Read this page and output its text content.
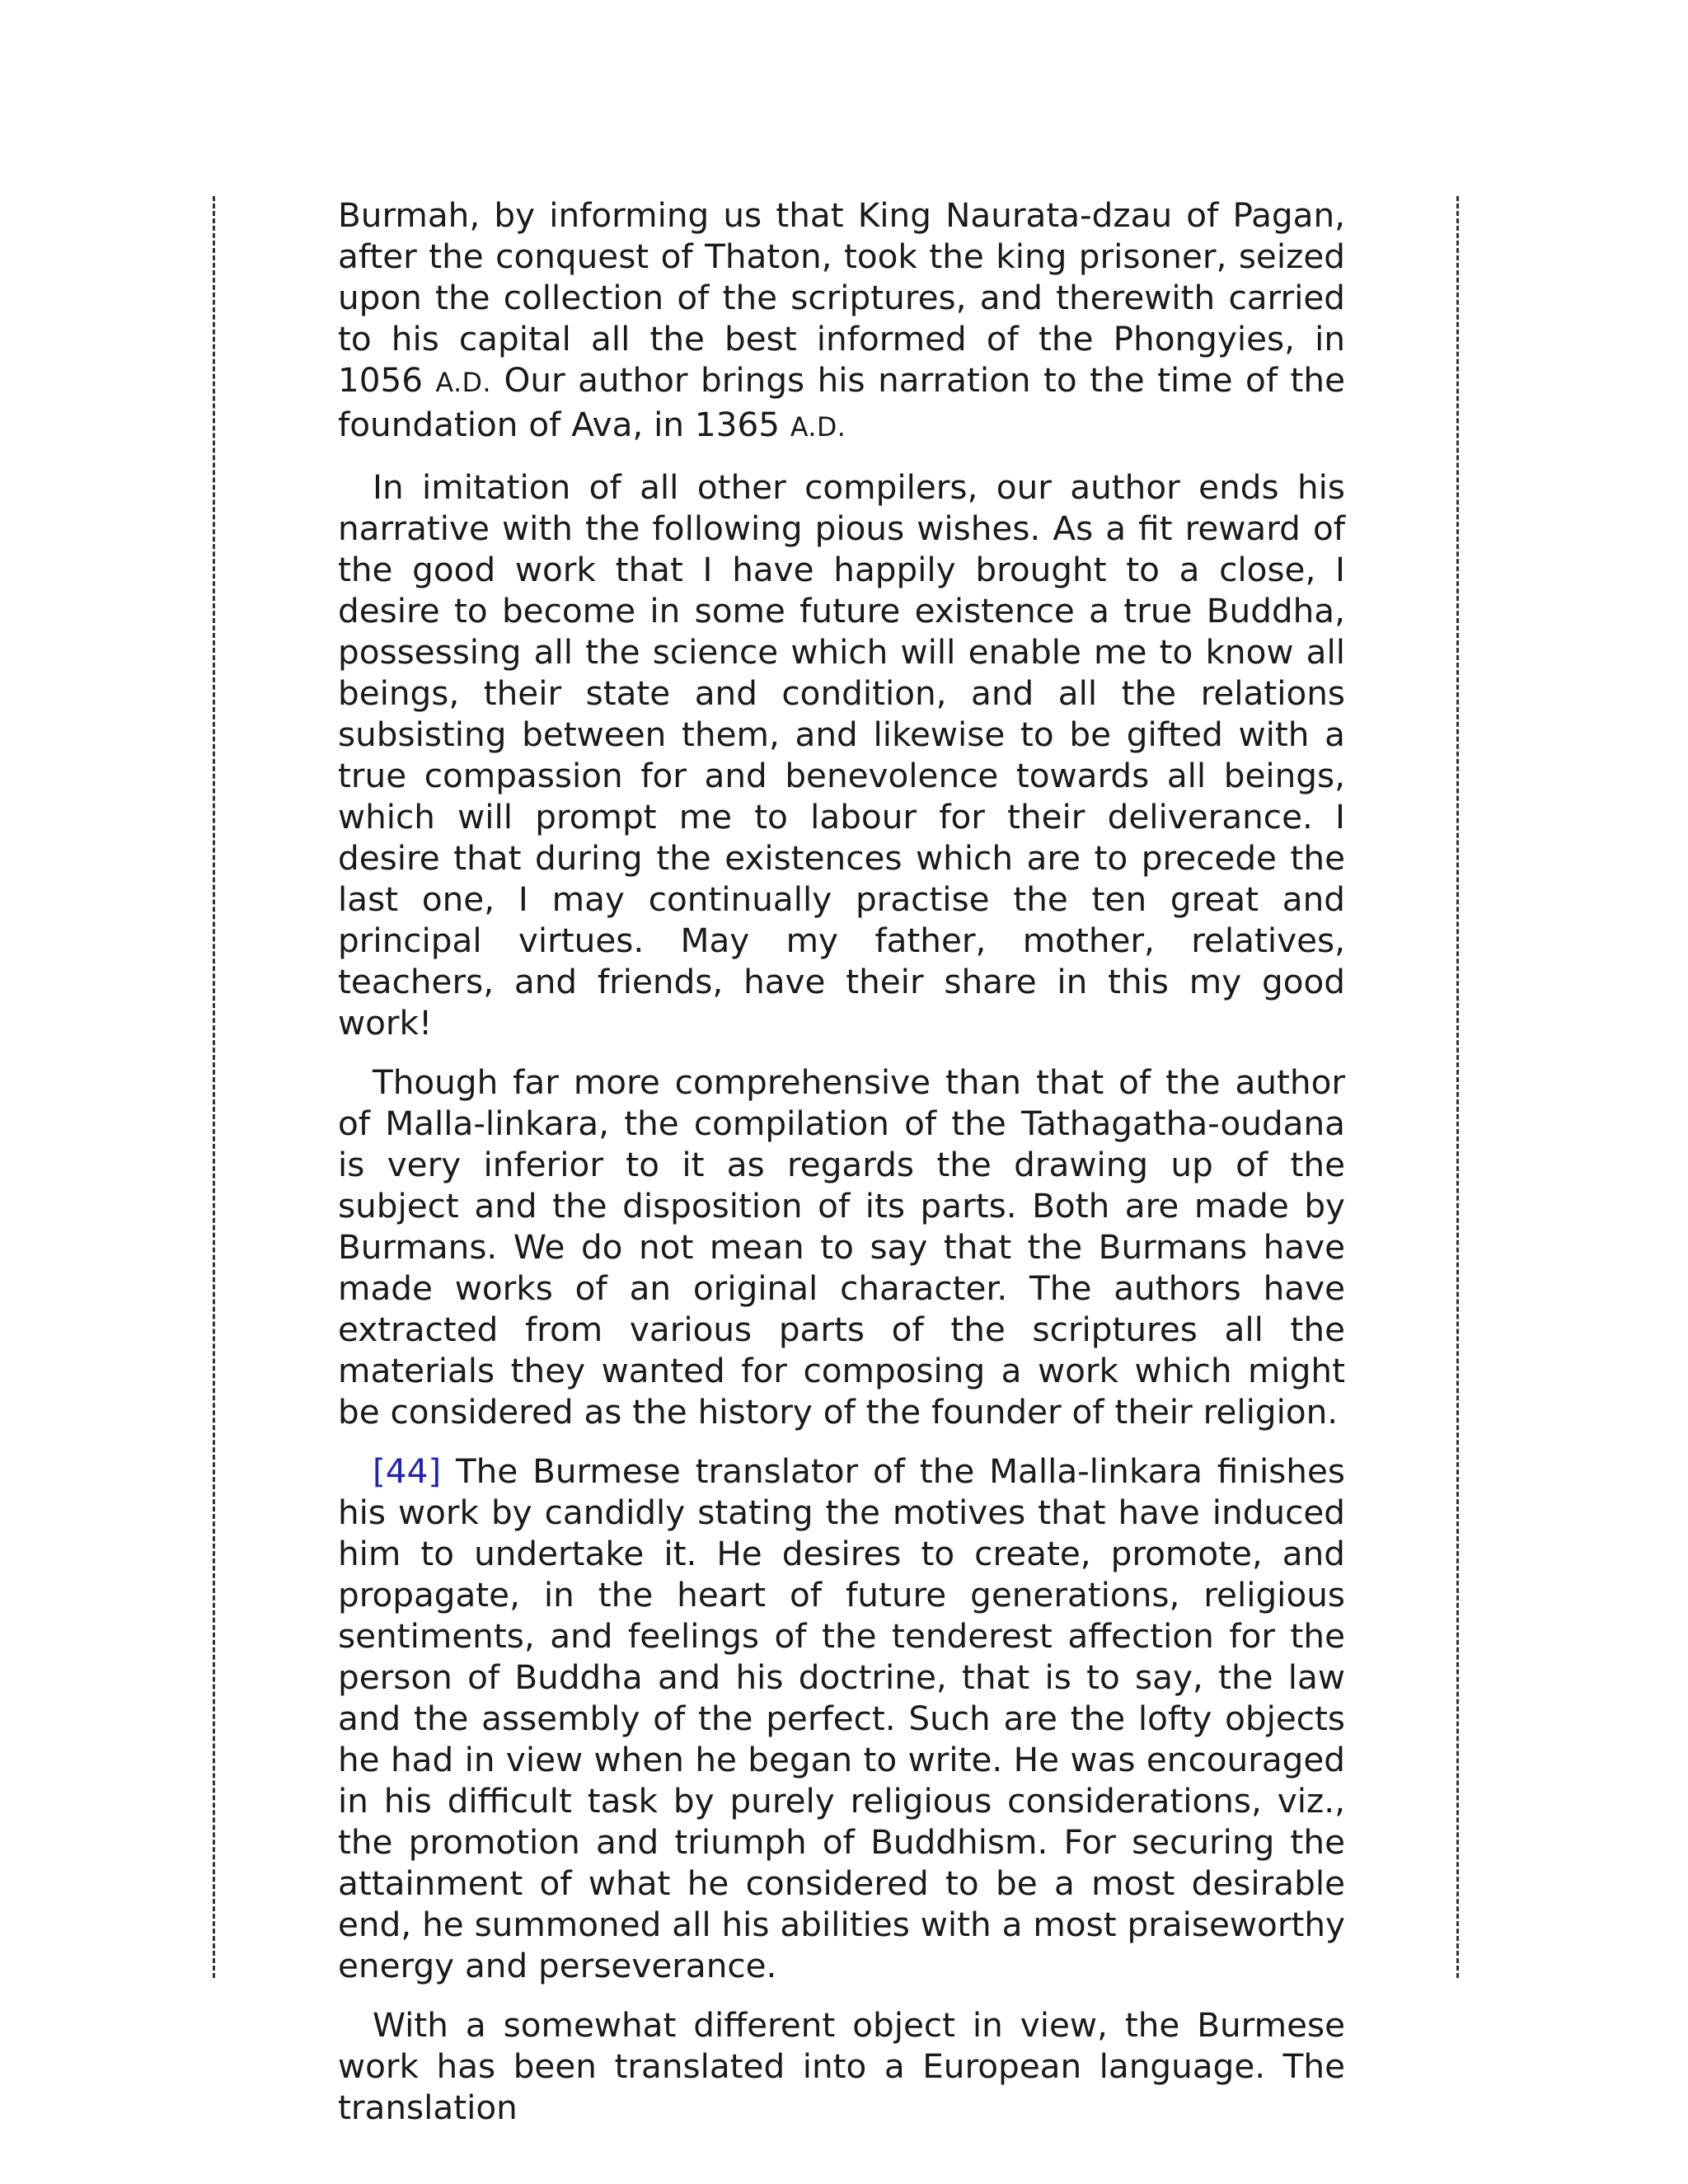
Burmah, by informing us that King Naurata-dzau of Pagan, after the conquest of Thaton, took the king prisoner, seized upon the collection of the scriptures, and therewith carried to his capital all the best informed of the Phongyies, in 1056 A.D. Our author brings his narration to the time of the foundation of Ava, in 1365 A.D.

In imitation of all other compilers, our author ends his narrative with the following pious wishes. As a fit reward of the good work that I have happily brought to a close, I desire to become in some future existence a true Buddha, possessing all the science which will enable me to know all beings, their state and condition, and all the relations subsisting between them, and likewise to be gifted with a true compassion for and benevolence towards all beings, which will prompt me to labour for their deliverance. I desire that during the existences which are to precede the last one, I may continually practise the ten great and principal virtues. May my father, mother, relatives, teachers, and friends, have their share in this my good work!

Though far more comprehensive than that of the author of Malla-linkara, the compilation of the Tathagatha-oudana is very inferior to it as regards the drawing up of the subject and the disposition of its parts. Both are made by Burmans. We do not mean to say that the Burmans have made works of an original character. The authors have extracted from various parts of the scriptures all the materials they wanted for composing a work which might be considered as the history of the founder of their religion.

[44] The Burmese translator of the Malla-linkara finishes his work by candidly stating the motives that have induced him to undertake it. He desires to create, promote, and propagate, in the heart of future generations, religious sentiments, and feelings of the tenderest affection for the person of Buddha and his doctrine, that is to say, the law and the assembly of the perfect. Such are the lofty objects he had in view when he began to write. He was encouraged in his difficult task by purely religious considerations, viz., the promotion and triumph of Buddhism. For securing the attainment of what he considered to be a most desirable end, he summoned all his abilities with a most praiseworthy energy and perseverance.

With a somewhat different object in view, the Burmese work has been translated into a European language. The translation
